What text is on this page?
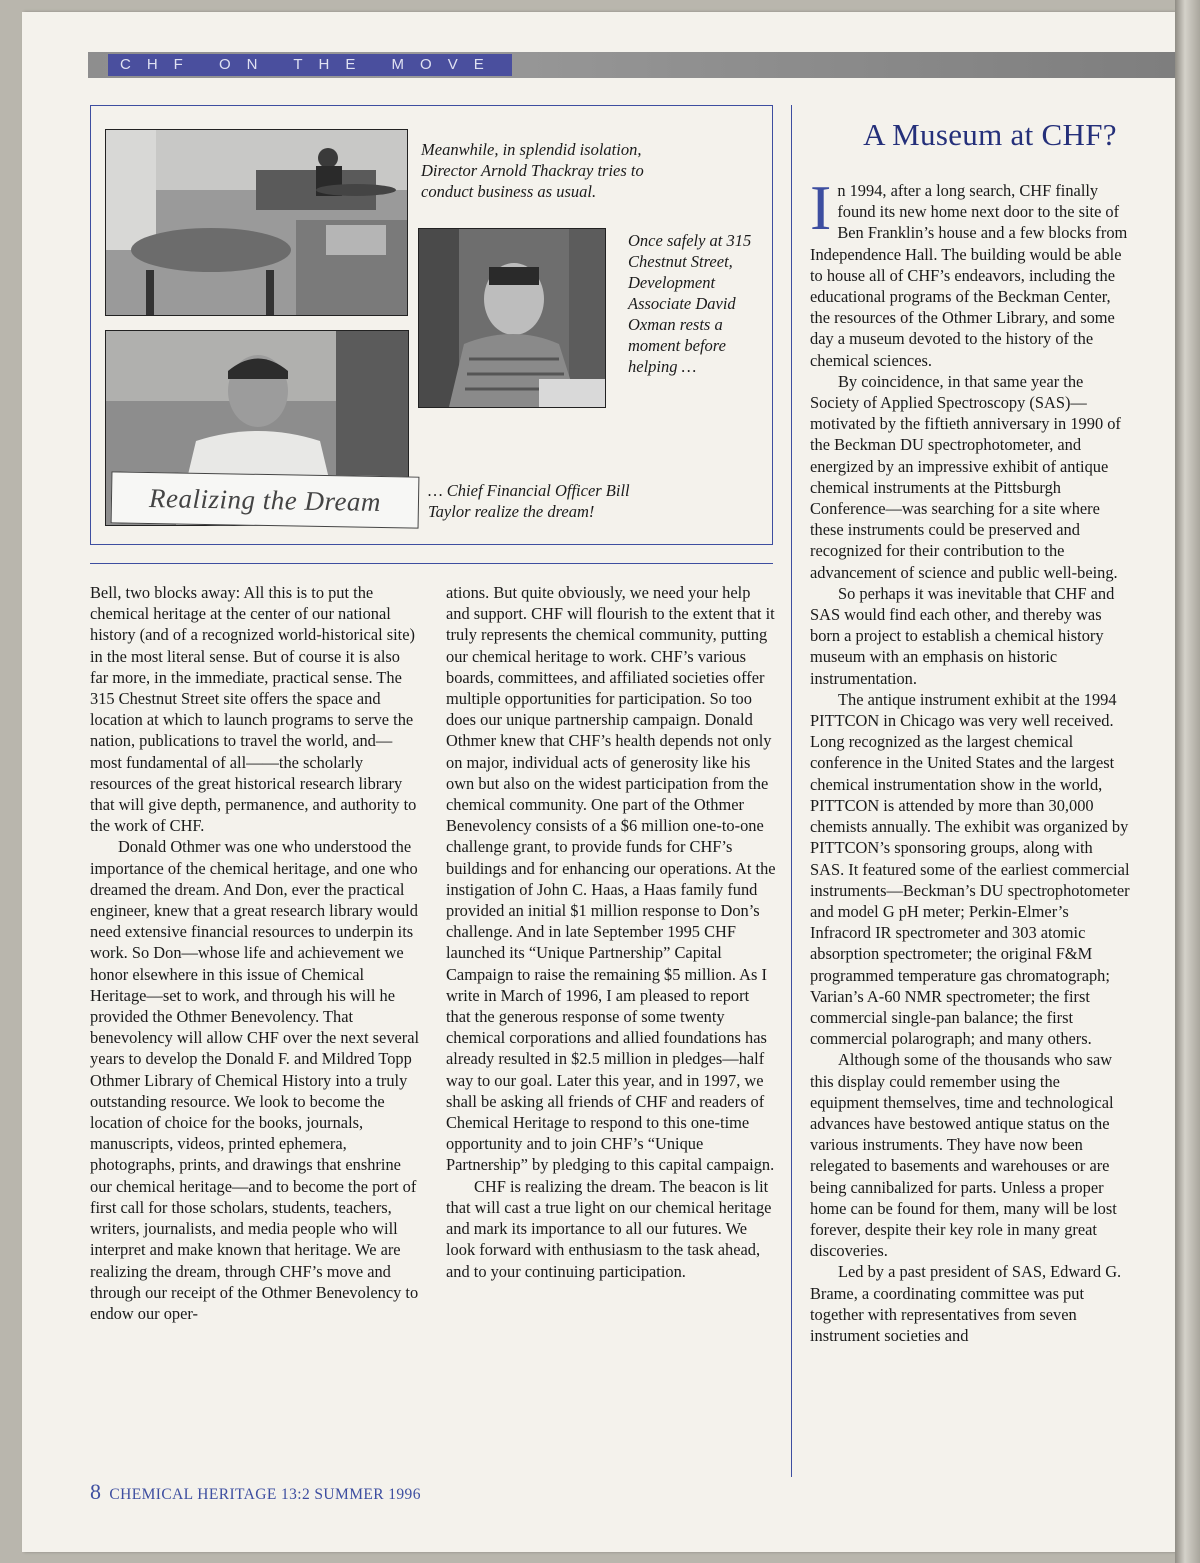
CHF ON THE MOVE
Realizing the Dream
Meanwhile, in splendid isolation, Director Arnold Thackray tries to conduct business as usual.
Once safely at 315 Chestnut Street, Development Associate David Oxman rests a moment before helping …
… Chief Financial Officer Bill Taylor realize the dream!

Bell, two blocks away: All this is to put the chemical heritage at the center of our national history (and of a recognized world-historical site) in the most literal sense. But of course it is also far more, in the immediate, practical sense. The 315 Chestnut Street site offers the space and location at which to launch programs to serve the nation, publications to travel the world, and—most fundamental of all——the scholarly resources of the great historical research library that will give depth, permanence, and authority to the work of CHF.

Donald Othmer was one who understood the importance of the chemical heritage, and one who dreamed the dream. And Don, ever the practical engineer, knew that a great research library would need extensive financial resources to underpin its work. So Don—whose life and achievement we honor elsewhere in this issue of Chemical Heritage—set to work, and through his will he provided the Othmer Benevolency. That benevolency will allow CHF over the next several years to develop the Donald F. and Mildred Topp Othmer Library of Chemical History into a truly outstanding resource. We look to become the location of choice for the books, journals, manuscripts, videos, printed ephemera, photographs, prints, and drawings that enshrine our chemical heritage—and to become the port of first call for those scholars, students, teachers, writers, journalists, and media people who will interpret and make known that heritage. We are realizing the dream, through CHF’s move and through our receipt of the Othmer Benevolency to endow our oper-

ations. But quite obviously, we need your help and support. CHF will flourish to the extent that it truly represents the chemical community, putting our chemical heritage to work. CHF’s various boards, committees, and affiliated societies offer multiple opportunities for participation. So too does our unique partnership campaign. Donald Othmer knew that CHF’s health depends not only on major, individual acts of generosity like his own but also on the widest participation from the chemical community. One part of the Othmer Benevolency consists of a $6 million one-to-one challenge grant, to provide funds for CHF’s buildings and for enhancing our operations. At the instigation of John C. Haas, a Haas family fund provided an initial $1 million response to Don’s challenge. And in late September 1995 CHF launched its “Unique Partnership” Capital Campaign to raise the remaining $5 million. As I write in March of 1996, I am pleased to report that the generous response of some twenty chemical corporations and allied foundations has already resulted in $2.5 million in pledges—half way to our goal. Later this year, and in 1997, we shall be asking all friends of CHF and readers of Chemical Heritage to respond to this one-time opportunity and to join CHF’s “Unique Partnership” by pledging to this capital campaign.

CHF is realizing the dream. The beacon is lit that will cast a true light on our chemical heritage and mark its importance to all our futures. We look forward with enthusiasm to the task ahead, and to your continuing participation.

A Museum at CHF?

In 1994, after a long search, CHF finally found its new home next door to the site of Ben Franklin’s house and a few blocks from Independence Hall. The building would be able to house all of CHF’s endeavors, including the educational programs of the Beckman Center, the resources of the Othmer Library, and some day a museum devoted to the history of the chemical sciences.

By coincidence, in that same year the Society of Applied Spectroscopy (SAS)—motivated by the fiftieth anniversary in 1990 of the Beckman DU spectrophotometer, and energized by an impressive exhibit of antique chemical instruments at the Pittsburgh Conference—was searching for a site where these instruments could be preserved and recognized for their contribution to the advancement of science and public well-being.

So perhaps it was inevitable that CHF and SAS would find each other, and thereby was born a project to establish a chemical history museum with an emphasis on historic instrumentation.

The antique instrument exhibit at the 1994 PITTCON in Chicago was very well received. Long recognized as the largest chemical conference in the United States and the largest chemical instrumentation show in the world, PITTCON is attended by more than 30,000 chemists annually. The exhibit was organized by PITTCON’s sponsoring groups, along with SAS. It featured some of the earliest commercial instruments—Beckman’s DU spectrophotometer and model G pH meter; Perkin-Elmer’s Infracord IR spectrometer and 303 atomic absorption spectrometer; the original F&M programmed temperature gas chromatograph; Varian’s A-60 NMR spectrometer; the first commercial single-pan balance; the first commercial polarograph; and many others.

Although some of the thousands who saw this display could remember using the equipment themselves, time and technological advances have bestowed antique status on the various instruments. They have now been relegated to basements and warehouses or are being cannibalized for parts. Unless a proper home can be found for them, many will be lost forever, despite their key role in many great discoveries.

Led by a past president of SAS, Edward G. Brame, a coordinating committee was put together with representatives from seven instrument societies and

8 CHEMICAL HERITAGE 13:2 SUMMER 1996
